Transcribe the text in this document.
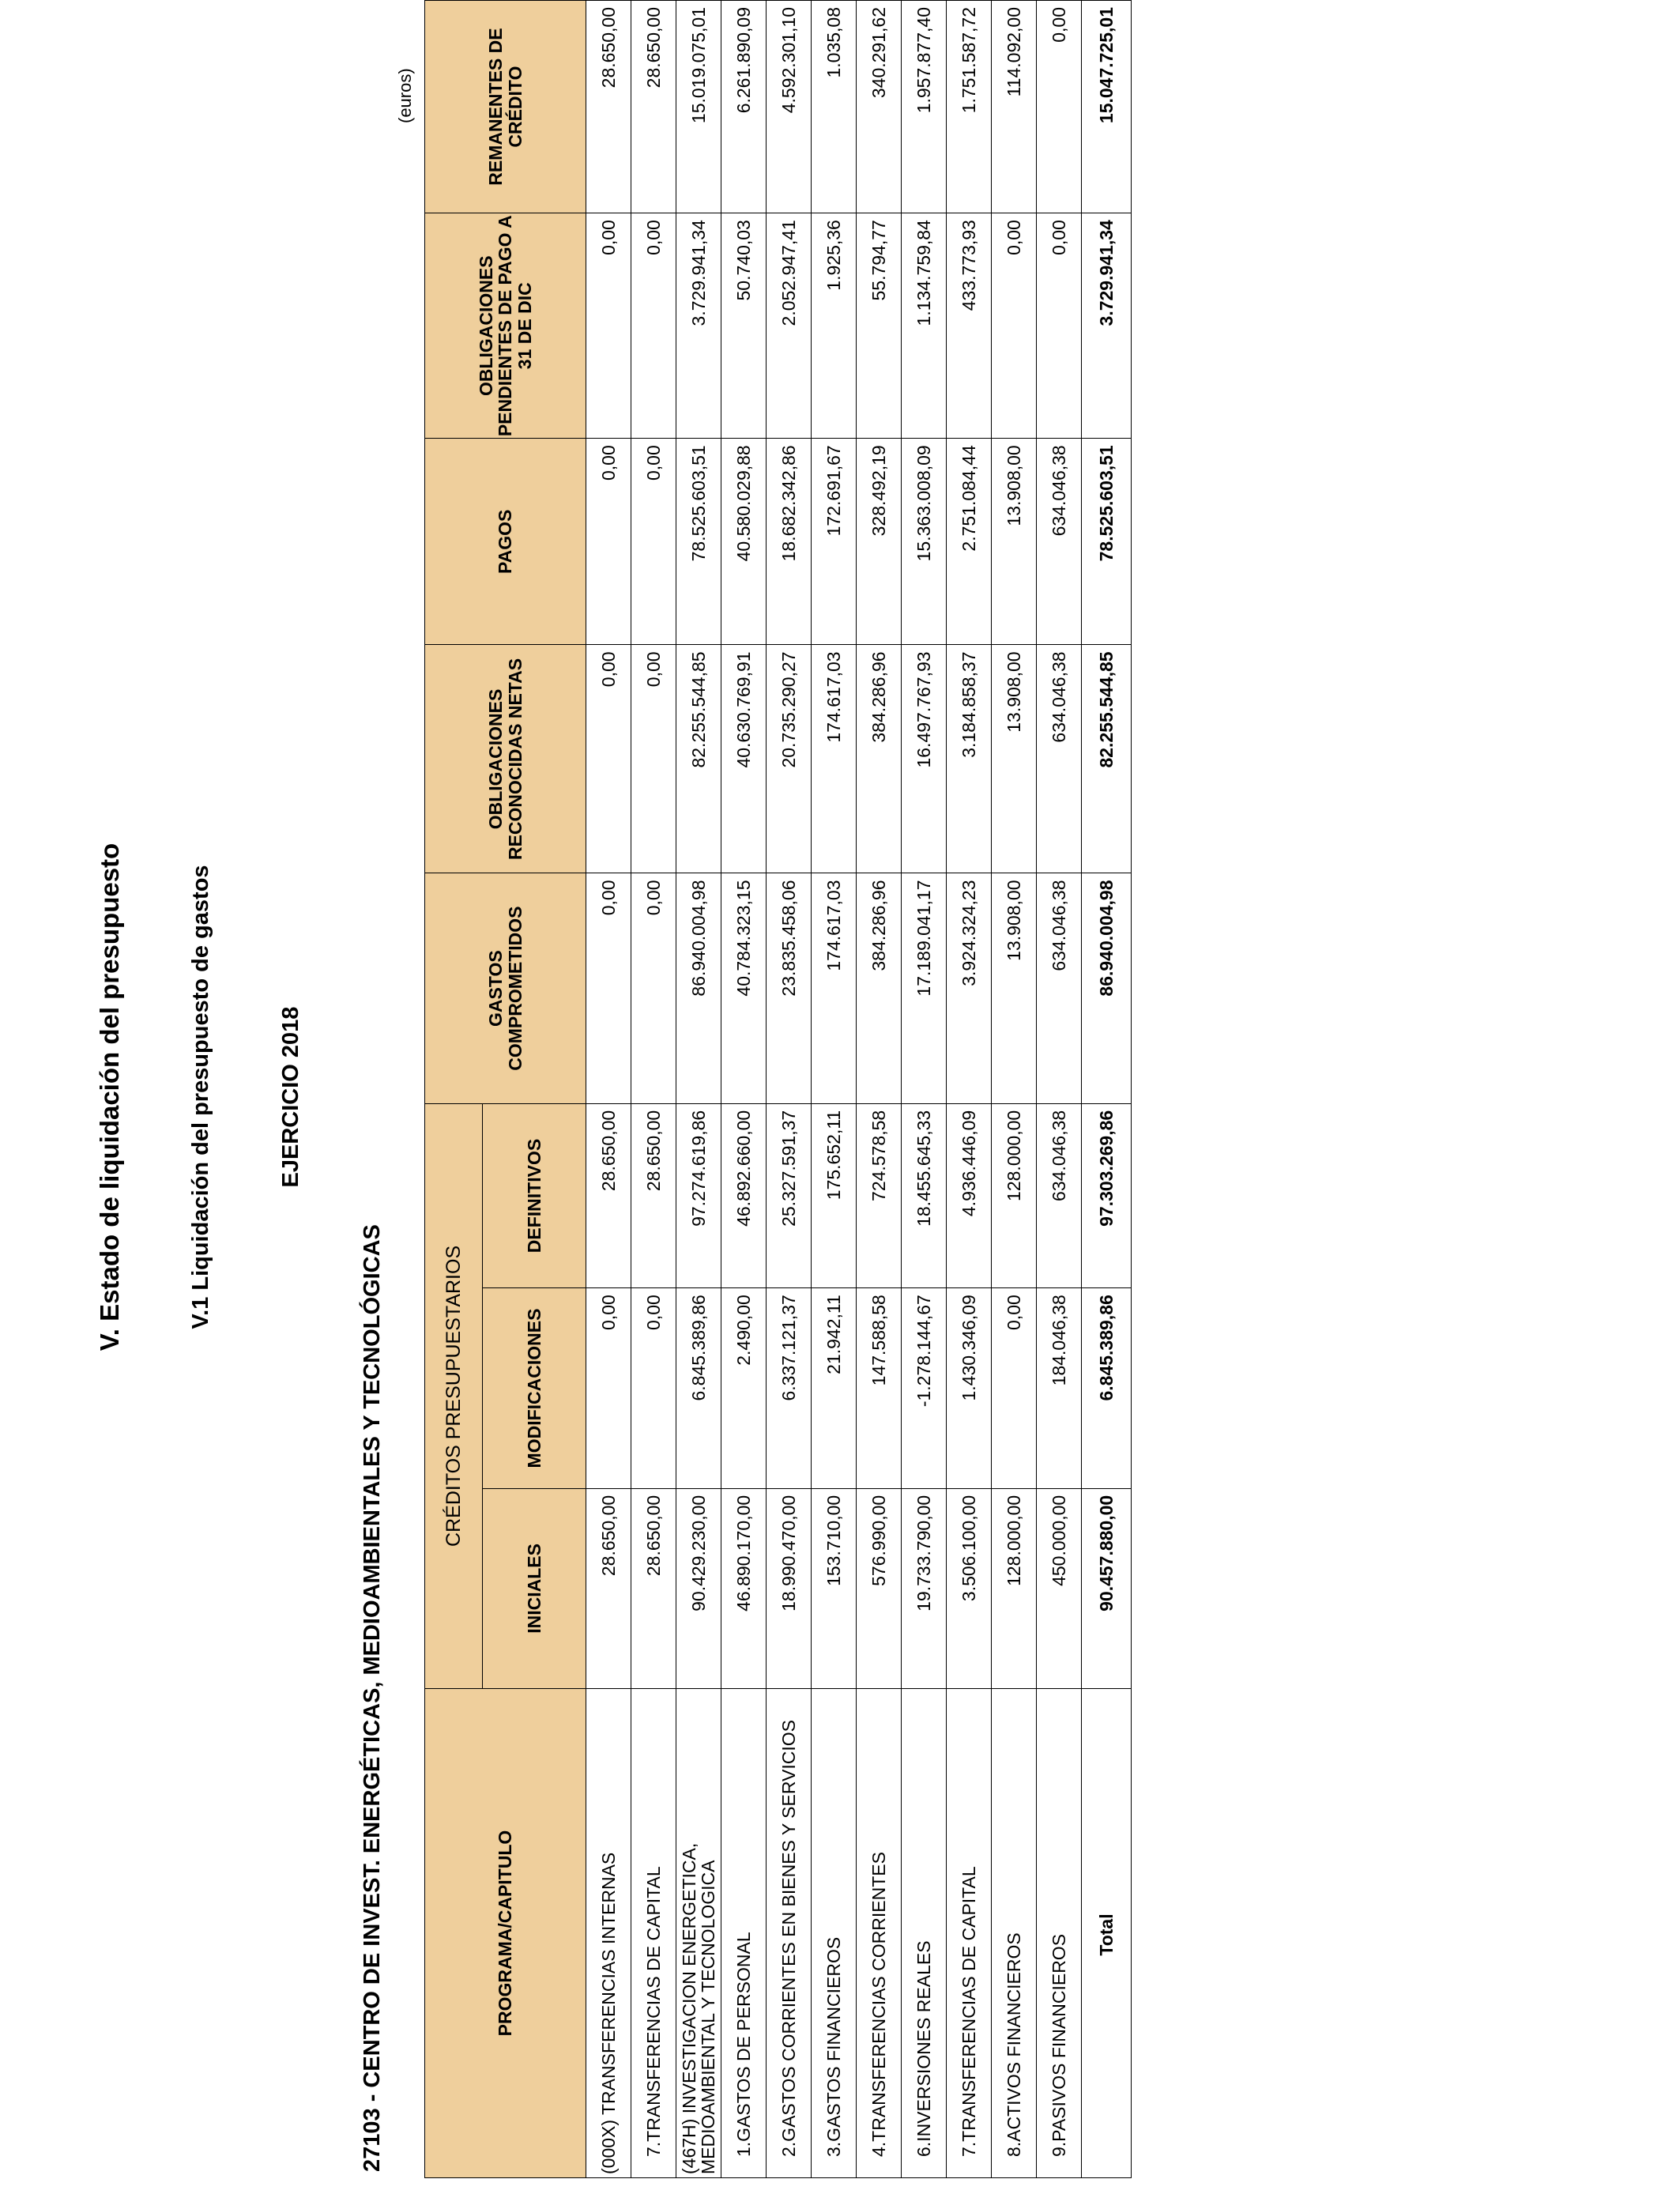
V. Estado de liquidación del presupuesto	V.1 Liquidación del presupuesto de gastos	EJERCICIO 2018
27103 - CENTRO DE INVEST. ENERGÉTICAS, MEDIOAMBIENTALES Y TECNOLÓGICAS
(euros)
PROGRAMA/CAPITULO	CRÉDITOS PRESUPUESTARIOS			GASTOS COMPROMETIDOS	OBLIGACIONES RECONOCIDAS NETAS	PAGOS	OBLIGACIONES PENDIENTES DE PAGO A 31 DE DIC	REMANENTES DE CRÉDITO
	INICIALES	MODIFICACIONES	DEFINITIVOS					
(000X) TRANSFERENCIAS INTERNAS	28.650,00	0,00	28.650,00	0,00	0,00	0,00	0,00	28.650,00
7.TRANSFERENCIAS DE CAPITAL	28.650,00	0,00	28.650,00	0,00	0,00	0,00	0,00	28.650,00
(467H) INVESTIGACION ENERGETICA, MEDIOAMBIENTAL Y TECNOLOGICA	90.429.230,00	6.845.389,86	97.274.619,86	86.940.004,98	82.255.544,85	78.525.603,51	3.729.941,34	15.019.075,01
1.GASTOS DE PERSONAL	46.890.170,00	2.490,00	46.892.660,00	40.784.323,15	40.630.769,91	40.580.029,88	50.740,03	6.261.890,09
2.GASTOS CORRIENTES EN BIENES Y SERVICIOS	18.990.470,00	6.337.121,37	25.327.591,37	23.835.458,06	20.735.290,27	18.682.342,86	2.052.947,41	4.592.301,10
3.GASTOS FINANCIEROS	153.710,00	21.942,11	175.652,11	174.617,03	174.617,03	172.691,67	1.925,36	1.035,08
4.TRANSFERENCIAS CORRIENTES	576.990,00	147.588,58	724.578,58	384.286,96	384.286,96	328.492,19	55.794,77	340.291,62
6.INVERSIONES REALES	19.733.790,00	-1.278.144,67	18.455.645,33	17.189.041,17	16.497.767,93	15.363.008,09	1.134.759,84	1.957.877,40
7.TRANSFERENCIAS DE CAPITAL	3.506.100,00	1.430.346,09	4.936.446,09	3.924.324,23	3.184.858,37	2.751.084,44	433.773,93	1.751.587,72
8.ACTIVOS FINANCIEROS	128.000,00	0,00	128.000,00	13.908,00	13.908,00	13.908,00	0,00	114.092,00
9.PASIVOS FINANCIEROS	450.000,00	184.046,38	634.046,38	634.046,38	634.046,38	634.046,38	0,00	0,00
Total	90.457.880,00	6.845.389,86	97.303.269,86	86.940.004,98	82.255.544,85	78.525.603,51	3.729.941,34	15.047.725,01
